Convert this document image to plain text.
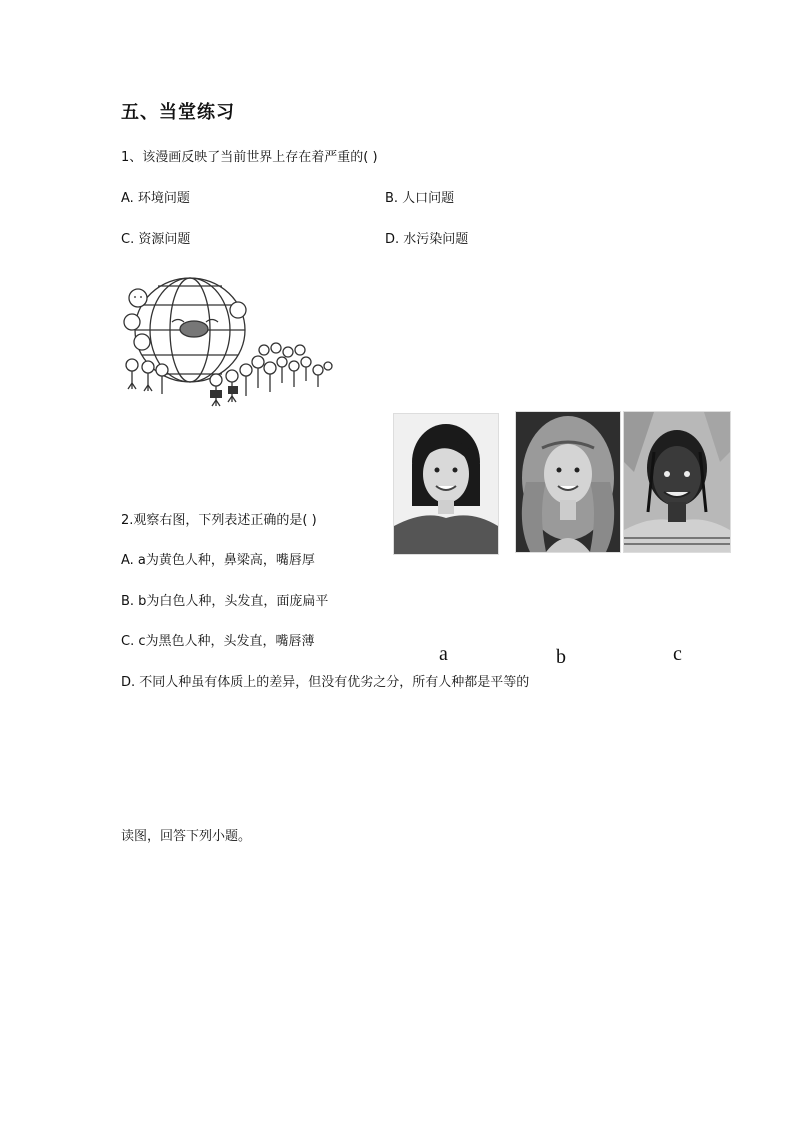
五、当堂练习
1、该漫画反映了当前世界上存在着严重的( )
A. 环境问题	B. 人口问题
C. 资源问题	D. 水污染问题
a	b	c
2.观察右图，下列表述正确的是( )
A. a为黄色人种，鼻梁高，嘴唇厚
B. b为白色人种，头发直，面庞扁平
C. c为黑色人种，头发直，嘴唇薄
D. 不同人种虽有体质上的差异，但没有优劣之分，所有人种都是平等的
读图，回答下列小题。
